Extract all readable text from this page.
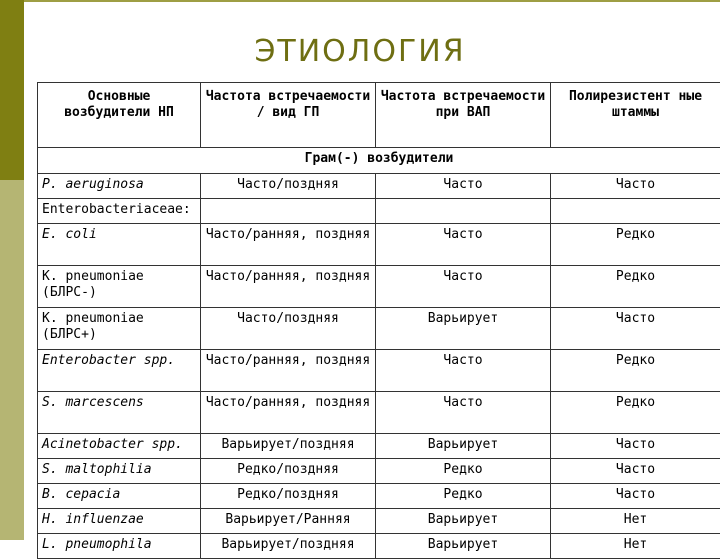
ЭТИОЛОГИЯ
Основные возбудители НП	Частота встречаемости / вид ГП	Частота встречаемости при ВАП	Полирезистент ные штаммы
Грам(-) возбудители			
P. aeruginosa	Часто/поздняя	Часто	Часто
Enterobacteriaceae:			
E. coli	Часто/ранняя, поздняя	Часто	Редко
K. pneumoniae (БЛРС-)	Часто/ранняя, поздняя	Часто	Редко
K. pneumoniae (БЛРС+)	Часто/поздняя	Варьирует	Часто
Enterobacter spp.	Часто/ранняя, поздняя	Часто	Редко
S. marcescens	Часто/ранняя, поздняя	Часто	Редко
Acinetobacter spp.	Варьирует/поздняя	Варьирует	Часто
S. maltophilia	Редко/поздняя	Редко	Часто
B. cepacia	Редко/поздняя	Редко	Часто
H. influenzae	Варьирует/Ранняя	Варьирует	Нет
L. pneumophila	Варьирует/поздняя	Варьирует	Нет
